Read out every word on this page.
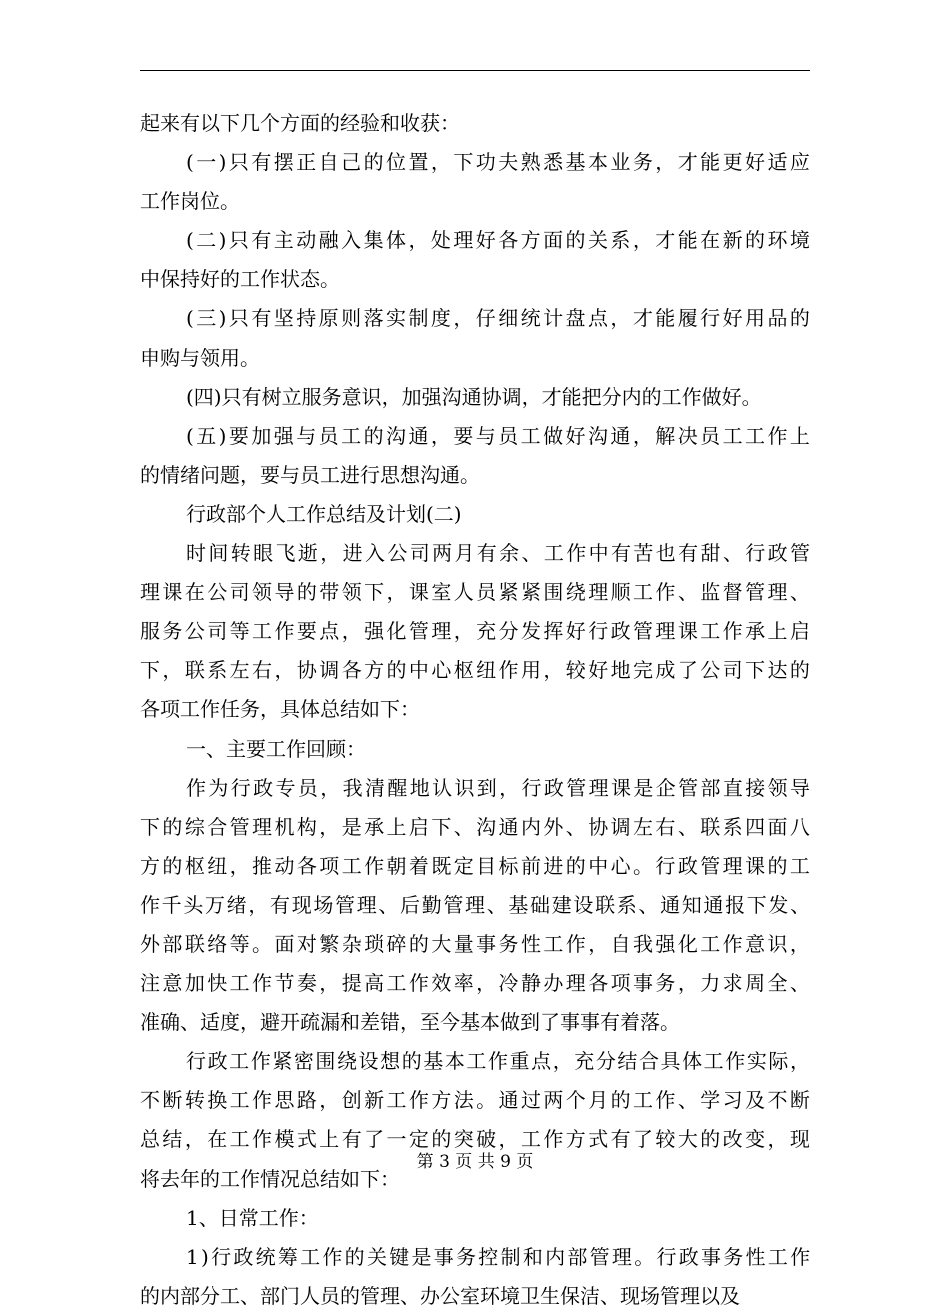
起来有以下几个方面的经验和收获：
(一)只有摆正自己的位置，下功夫熟悉基本业务，才能更好适应
工作岗位。
(二)只有主动融入集体，处理好各方面的关系，才能在新的环境
中保持好的工作状态。
(三)只有坚持原则落实制度，仔细统计盘点，才能履行好用品的
申购与领用。
(四)只有树立服务意识，加强沟通协调，才能把分内的工作做好。
(五)要加强与员工的沟通，要与员工做好沟通，解决员工工作上
的情绪问题，要与员工进行思想沟通。
行政部个人工作总结及计划(二)
时间转眼飞逝，进入公司两月有余、工作中有苦也有甜、行政管
理课在公司领导的带领下，课室人员紧紧围绕理顺工作、监督管理、
服务公司等工作要点，强化管理，充分发挥好行政管理课工作承上启
下，联系左右，协调各方的中心枢纽作用，较好地完成了公司下达的
各项工作任务，具体总结如下：
一、主要工作回顾：
作为行政专员，我清醒地认识到，行政管理课是企管部直接领导
下的综合管理机构，是承上启下、沟通内外、协调左右、联系四面八
方的枢纽，推动各项工作朝着既定目标前进的中心。行政管理课的工
作千头万绪，有现场管理、后勤管理、基础建设联系、通知通报下发、
外部联络等。面对繁杂琐碎的大量事务性工作，自我强化工作意识，
注意加快工作节奏，提高工作效率，冷静办理各项事务，力求周全、
准确、适度，避开疏漏和差错，至今基本做到了事事有着落。
行政工作紧密围绕设想的基本工作重点，充分结合具体工作实际，
不断转换工作思路，创新工作方法。通过两个月的工作、学习及不断
总结，在工作模式上有了一定的突破，工作方式有了较大的改变，现
将去年的工作情况总结如下：
1、日常工作：
1)行政统筹工作的关键是事务控制和内部管理。行政事务性工作
的内部分工、部门人员的管理、办公室环境卫生保洁、现场管理以及
第 3 页 共 9 页
